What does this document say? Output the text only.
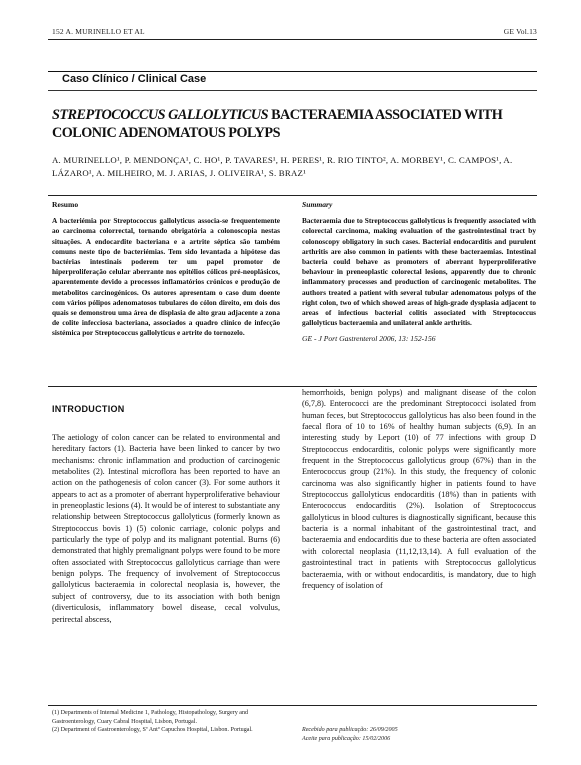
152 A. MURINELLO ET AL	GE Vol.13
Caso Clínico / Clinical Case
STREPTOCOCCUS GALLOLYTICUS BACTERAEMIA ASSOCIATED WITH COLONIC ADENOMATOUS POLYPS
A. MURINELLO¹, P. MENDONÇA¹, C. HO¹, P. TAVARES¹, H. PERES¹, R. RIO TINTO², A. MORBEY¹, C. CAMPOS¹, A. LÁZARO¹, A. MILHEIRO, M. J. ARIAS, J. OLIVEIRA¹, S. BRAZ¹
Resumo
A bacteriémia por Streptococcus gallolyticus associa-se frequentemente ao carcinoma colorrectal, tornando obrigatória a colonoscopia nestas situações. A endocardite bacteriana e a artrite séptica são também comuns neste tipo de bacteriémias. Tem sido levantada a hipótese das bactérias intestinais poderem ter um papel promotor de hiperproliferação celular aberrante nos epitélios cólicos pré-neoplásicos, aparentemente devido a processos inflamatórios crónicos e produção de metabolitos carcinogénicos. Os autores apresentam o caso dum doente com vários pólipos adenomatosos tubulares do cólon direito, em dois dos quais se demonstrou uma área de displasia de alto grau adjacente a zona de colite infecciosa bacteriana, associados a quadro clínico de infecção sistémica por Streptococcus gallolyticus e artrite do tornozelo.
Summary
Bacteraemia due to Streptococcus gallolyticus is frequently associated with colorectal carcinoma, making evaluation of the gastrointestinal tract by colonoscopy obligatory in such cases. Bacterial endocarditis and purulent arthritis are also common in patients with these bacteraemias. Intestinal bacteria could behave as promoters of aberrant hyperproliferative behaviour in preneoplastic colorectal lesions, apparently due to chronic inflammatory processes and production of carcinogenic metabolites. The authors treated a patient with several tubular adenomatous polyps of the right colon, two of which showed areas of high-grade dysplasia adjacent to areas of infectious bacterial colitis associated with Streptococcus gallolyticus bacteraemia and unilateral ankle arthritis.
GE - J Port Gastrenterol 2006, 13: 152-156
INTRODUCTION

The aetiology of colon cancer can be related to environmental and hereditary factors (1). Bacteria have been linked to cancer by two mechanisms: chronic inflammation and production of carcinogenic metabolites (2). Intestinal microflora has been reported to have an action on the pathogenesis of colon cancer (3). For some authors it appears to act as a promoter of aberrant hyperproliferative behaviour in preneoplastic lesions (4). It would be of interest to substantiate any relationship between Streptococcus gallolyticus (formerly known as Streptococcus bovis 1) (5) colonic carriage, colonic polyps and particularly the type of polyp and its malignant potential. Burns (6) demonstrated that highly premalignant polyps were found to be more often associated with Streptococcus gallolyticus carriage than were benign polyps. The frequency of involvement of Streptococcus gallolyticus bacteraemia in colorectal neoplasia is, however, the subject of controversy, due to its association with both benign (diverticulosis, inflammatory bowel disease, cecal volvulus, perirectal abscess,

hemorrhoids, benign polyps) and malignant disease of the colon (6,7,8). Enterococci are the predominant Streptococci isolated from human feces, but Streptococcus gallolyticus has also been found in the faecal flora of 10 to 16% of healthy human subjects (6,9). In an interesting study by Leport (10) of 77 infections with group D Streptococcus endocarditis, colonic polyps were significantly more frequent in the Streptococcus gallolyticus group (67%) than in the Enterococcus group (21%). In this study, the frequency of colonic carcinoma was also significantly higher in patients found to have Streptococcus gallolyticus endocarditis (18%) than in patients with Enterococcus endocarditis (2%). Isolation of Streptococcus gallolyticus in blood cultures is diagnostically significant, because this bacteria is a normal inhabitant of the gastrointestinal tract, and bacteraemia and endocarditis due to these bacteria are often associated with colorectal neoplasia (11,12,13,14). A full evaluation of the gastrointestinal tract in patients with Streptococcus gallolyticus bacteraemia, with or without endocarditis, is mandatory, due to high frequency of isolation of

(1) Departments of Internal Medicine 1, Pathology, Histopathology, Surgery and Gastroenterology, Cuary Cabral Hospital, Lisbon, Portugal.
(2) Department of Gastroenterology, Sª Antº Capuchos Hospital, Lisbon. Portugal.	Recebido para publicação: 26/09/2005
Aceite para publicação: 15/02/2006
